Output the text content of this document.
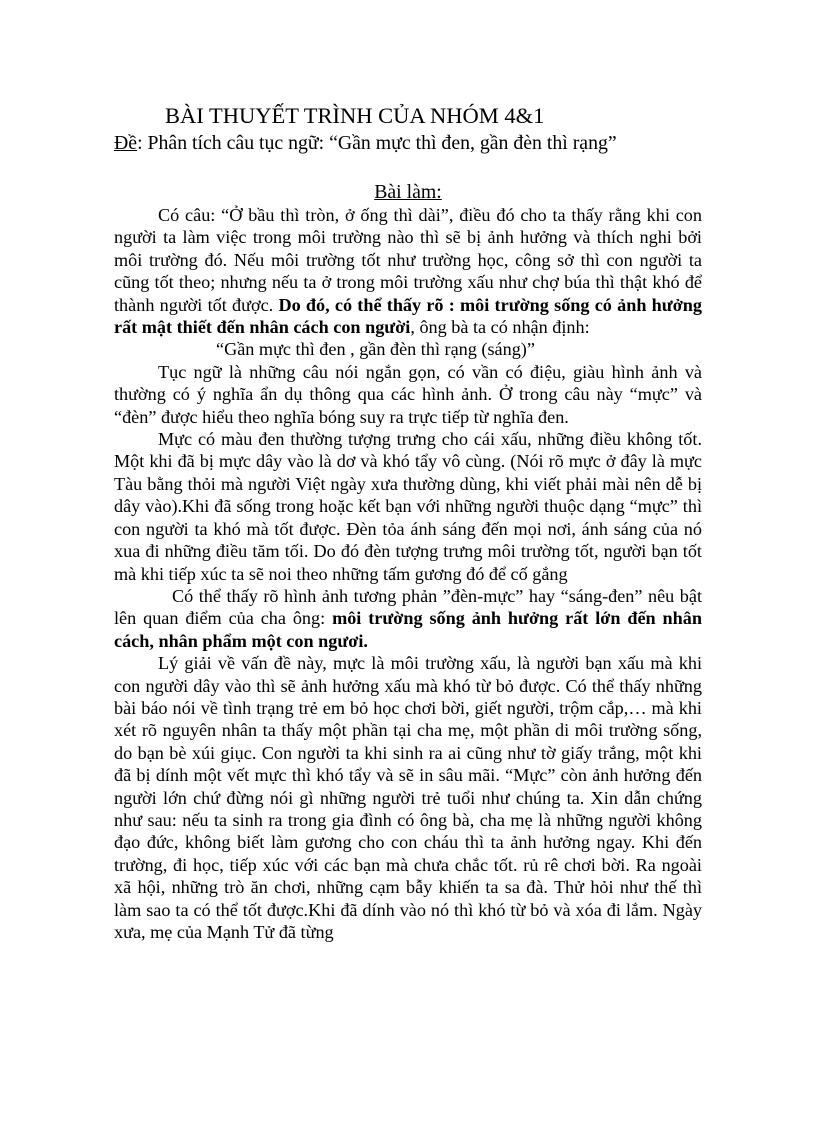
BÀI THUYẾT TRÌNH CỦA NHÓM 4&1

Đề: Phân tích câu tục ngữ: “Gần mực thì đen, gần đèn thì rạng”

Bài làm:

Có câu: “Ở bầu thì tròn, ở ống thì dài”, điều đó cho ta thấy rằng khi con người ta làm việc trong môi trường nào thì sẽ bị ảnh hưởng và thích nghi bởi môi trường đó. Nếu môi trường tốt như trường học, công sở thì con người ta cũng tốt theo; nhưng nếu ta ở trong môi trường xấu như chợ búa thì thật khó để thành người tốt được. Do đó, có thể thấy rõ : môi trường sống có ảnh hưởng rất mật thiết đến nhân cách con người, ông bà ta có nhận định:

“Gần mực thì đen , gần đèn thì rạng (sáng)”

Tục ngữ là những câu nói ngắn gọn, có vần có điệu, giàu hình ảnh và thường có ý nghĩa ẩn dụ thông qua các hình ảnh. Ở trong câu này “mực” và “đèn” được hiểu theo nghĩa bóng suy ra trực tiếp từ nghĩa đen.

Mực có màu đen thường tượng trưng cho cái xấu, những điều không tốt. Một khi đã bị mực dây vào là dơ và khó tẩy vô cùng. (Nói rõ mực ở đây là mực Tàu bằng thỏi mà người Việt ngày xưa thường dùng, khi viết phải mài nên dễ bị dây vào).Khi đã sống trong hoặc kết bạn với những người thuộc dạng “mực” thì con người ta khó mà tốt được. Đèn tỏa ánh sáng đến mọi nơi, ánh sáng của nó xua đi những điều tăm tối. Do đó đèn tượng trưng môi trường tốt, người bạn tốt mà khi tiếp xúc ta sẽ noi theo những tấm gương đó để cố gắng

Có thể thấy rõ hình ảnh tương phản ”đèn-mực” hay “sáng-đen” nêu bật lên quan điểm của cha ông: môi trường sống ảnh hưởng rất lớn đến nhân cách, nhân phẩm một con ngươi.

Lý giải về vấn đề này, mực là môi trường xấu, là người bạn xấu mà khi con người dây vào thì sẽ ảnh hưởng xấu mà khó từ bỏ được. Có thể thấy những bài báo nói về tình trạng trẻ em bỏ học chơi bời, giết người, trộm cắp,… mà khi xét rõ nguyên nhân ta thấy một phần tại cha mẹ, một phần di môi trường sống, do bạn bè xúi giục. Con người ta khi sinh ra ai cũng như tờ giấy trắng, một khi đã bị dính một vết mực thì khó tẩy và sẽ in sâu mãi. “Mực” còn ảnh hưởng đến người lớn chứ đừng nói gì những người trẻ tuổi như chúng ta. Xin dẫn chứng như sau: nếu ta sinh ra trong gia đình có ông bà, cha mẹ là những người không đạo đức, không biết làm gương cho con cháu thì ta ảnh hưởng ngay. Khi đến trường, đi học, tiếp xúc với các bạn mà chưa chắc tốt. rủ rê chơi bời. Ra ngoài xã hội, những trò ăn chơi, những cạm bẫy khiến ta sa đà. Thử hỏi như thế thì làm sao ta có thể tốt được.Khi đã dính vào nó thì khó từ bỏ và xóa đi lắm. Ngày xưa, mẹ của Mạnh Tử đã từng
